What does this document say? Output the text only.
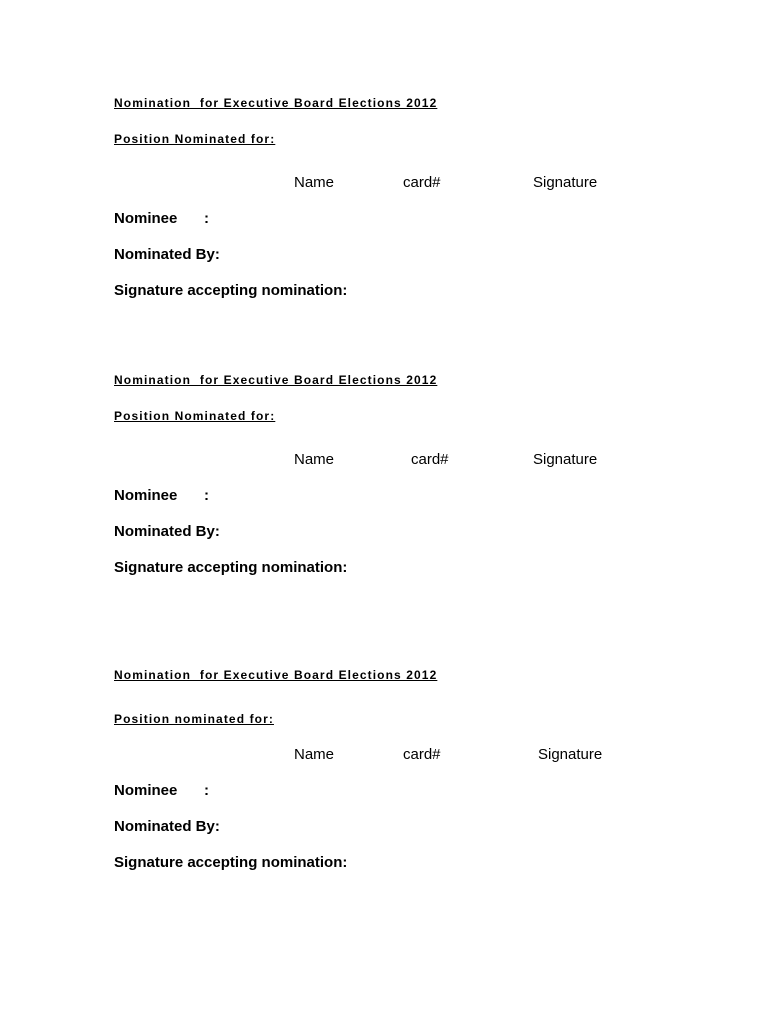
Nomination  for Executive Board Elections 2012
Position Nominated for:
Name	card#	Signature
Nominee :
Nominated By:
Signature accepting nomination:
Nomination  for Executive Board Elections 2012
Position Nominated for:
Name	card#	Signature
Nominee :
Nominated By:
Signature accepting nomination:
Nomination  for Executive Board Elections 2012
Position nominated for:
Name	card#	Signature
Nominee :
Nominated By:
Signature accepting nomination:
